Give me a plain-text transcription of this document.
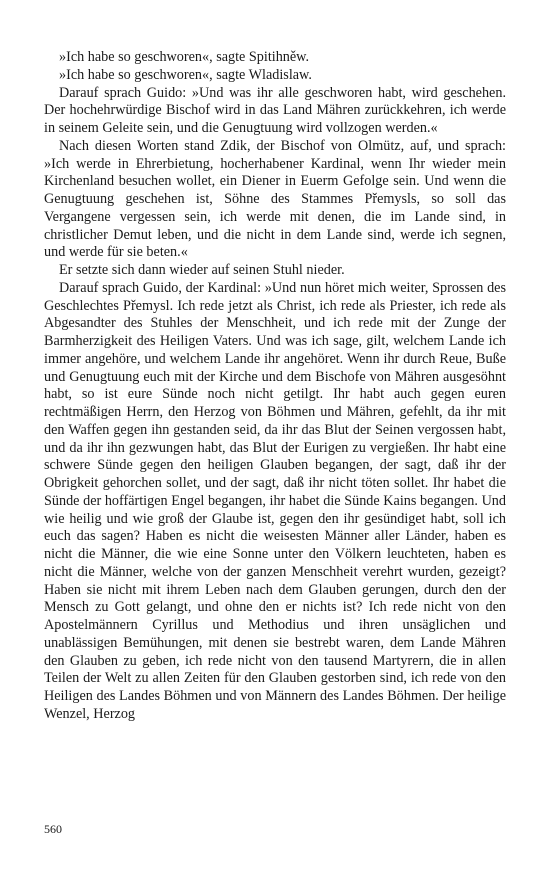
»Ich habe so geschworen«, sagte Spitihněw.

»Ich habe so geschworen«, sagte Wladislaw.

Darauf sprach Guido: »Und was ihr alle geschworen habt, wird geschehen. Der hochehrwürdige Bischof wird in das Land Mähren zurückkehren, ich werde in seinem Geleite sein, und die Genugtuung wird vollzogen werden.«

Nach diesen Worten stand Zdik, der Bischof von Olmütz, auf, und sprach: »Ich werde in Ehrerbietung, hocherhabener Kardinal, wenn Ihr wieder mein Kirchenland besuchen wollet, ein Diener in Euerm Gefolge sein. Und wenn die Genugtuung geschehen ist, Söhne des Stammes Přemysls, so soll das Vergangene vergessen sein, ich werde mit denen, die im Lande sind, in christlicher Demut leben, und die nicht in dem Lande sind, werde ich segnen, und werde für sie beten.«

Er setzte sich dann wieder auf seinen Stuhl nieder.

Darauf sprach Guido, der Kardinal: »Und nun höret mich weiter, Sprossen des Geschlechtes Přemysl. Ich rede jetzt als Christ, ich rede als Priester, ich rede als Abgesandter des Stuhles der Menschheit, und ich rede mit der Zunge der Barmherzigkeit des Heiligen Vaters. Und was ich sage, gilt, welchem Lande ich immer angehöre, und welchem Lande ihr angehöret. Wenn ihr durch Reue, Buße und Genugtuung euch mit der Kirche und dem Bischofe von Mähren ausgesöhnt habt, so ist eure Sünde noch nicht getilgt. Ihr habt auch gegen euren rechtmäßigen Herrn, den Herzog von Böhmen und Mähren, gefehlt, da ihr mit den Waffen gegen ihn gestanden seid, da ihr das Blut der Seinen vergossen habt, und da ihr ihn gezwungen habt, das Blut der Eurigen zu vergießen. Ihr habt eine schwere Sünde gegen den heiligen Glauben begangen, der sagt, daß ihr der Obrigkeit gehorchen sollet, und der sagt, daß ihr nicht töten sollet. Ihr habet die Sünde der hoffärtigen Engel begangen, ihr habet die Sünde Kains begangen. Und wie heilig und wie groß der Glaube ist, gegen den ihr gesündiget habt, soll ich euch das sagen? Haben es nicht die weisesten Männer aller Länder, haben es nicht die Männer, die wie eine Sonne unter den Völkern leuchteten, haben es nicht die Männer, welche von der ganzen Menschheit verehrt wurden, gezeigt? Haben sie nicht mit ihrem Leben nach dem Glauben gerungen, durch den der Mensch zu Gott gelangt, und ohne den er nichts ist? Ich rede nicht von den Apostelmännern Cyrillus und Methodius und ihren unsäglichen und unablässigen Bemühungen, mit denen sie bestrebt waren, dem Lande Mähren den Glauben zu geben, ich rede nicht von den tausend Martyrern, die in allen Teilen der Welt zu allen Zeiten für den Glauben gestorben sind, ich rede von den Heiligen des Landes Böhmen und von Männern des Landes Böhmen. Der heilige Wenzel, Herzog

560
